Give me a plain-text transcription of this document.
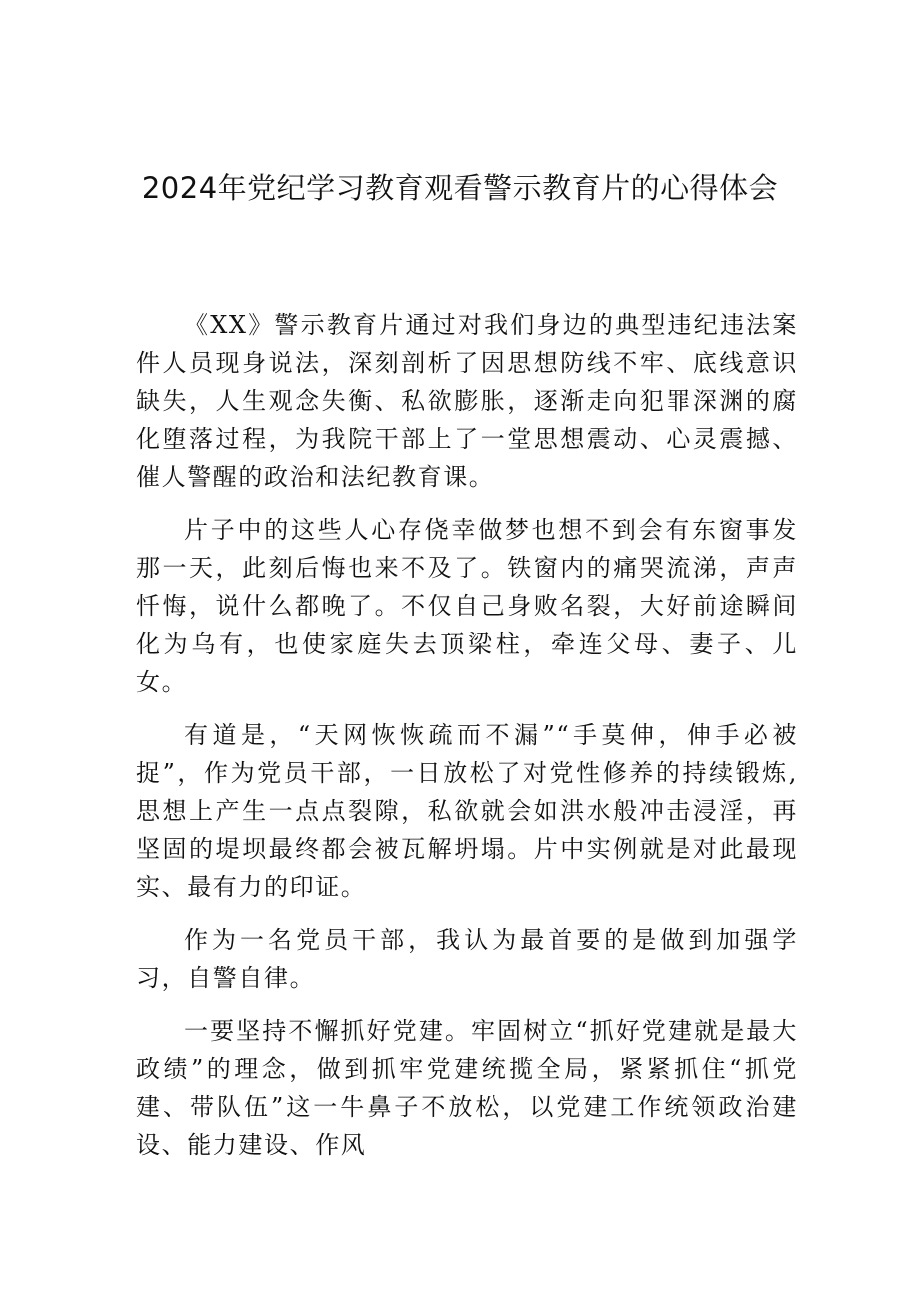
2024年党纪学习教育观看警示教育片的心得体会

《XX》警示教育片通过对我们身边的典型违纪违法案件人员现身说法，深刻剖析了因思想防线不牢、底线意识缺失，人生观念失衡、私欲膨胀，逐渐走向犯罪深渊的腐化堕落过程，为我院干部上了一堂思想震动、心灵震撼、催人警醒的政治和法纪教育课。

片子中的这些人心存侥幸做梦也想不到会有东窗事发那一天，此刻后悔也来不及了。铁窗内的痛哭流涕，声声忏悔，说什么都晚了。不仅自己身败名裂，大好前途瞬间化为乌有，也使家庭失去顶梁柱，牵连父母、妻子、儿女。

有道是，“天网恢恢疏而不漏”“手莫伸，伸手必被捉”，作为党员干部，一日放松了对党性修养的持续锻炼,思想上产生一点点裂隙，私欲就会如洪水般冲击浸淫，再坚固的堤坝最终都会被瓦解坍塌。片中实例就是对此最现实、最有力的印证。

作为一名党员干部，我认为最首要的是做到加强学习，自警自律。

一要坚持不懈抓好党建。牢固树立“抓好党建就是最大政绩”的理念，做到抓牢党建统揽全局，紧紧抓住“抓党建、带队伍”这一牛鼻子不放松，以党建工作统领政治建设、能力建设、作风
